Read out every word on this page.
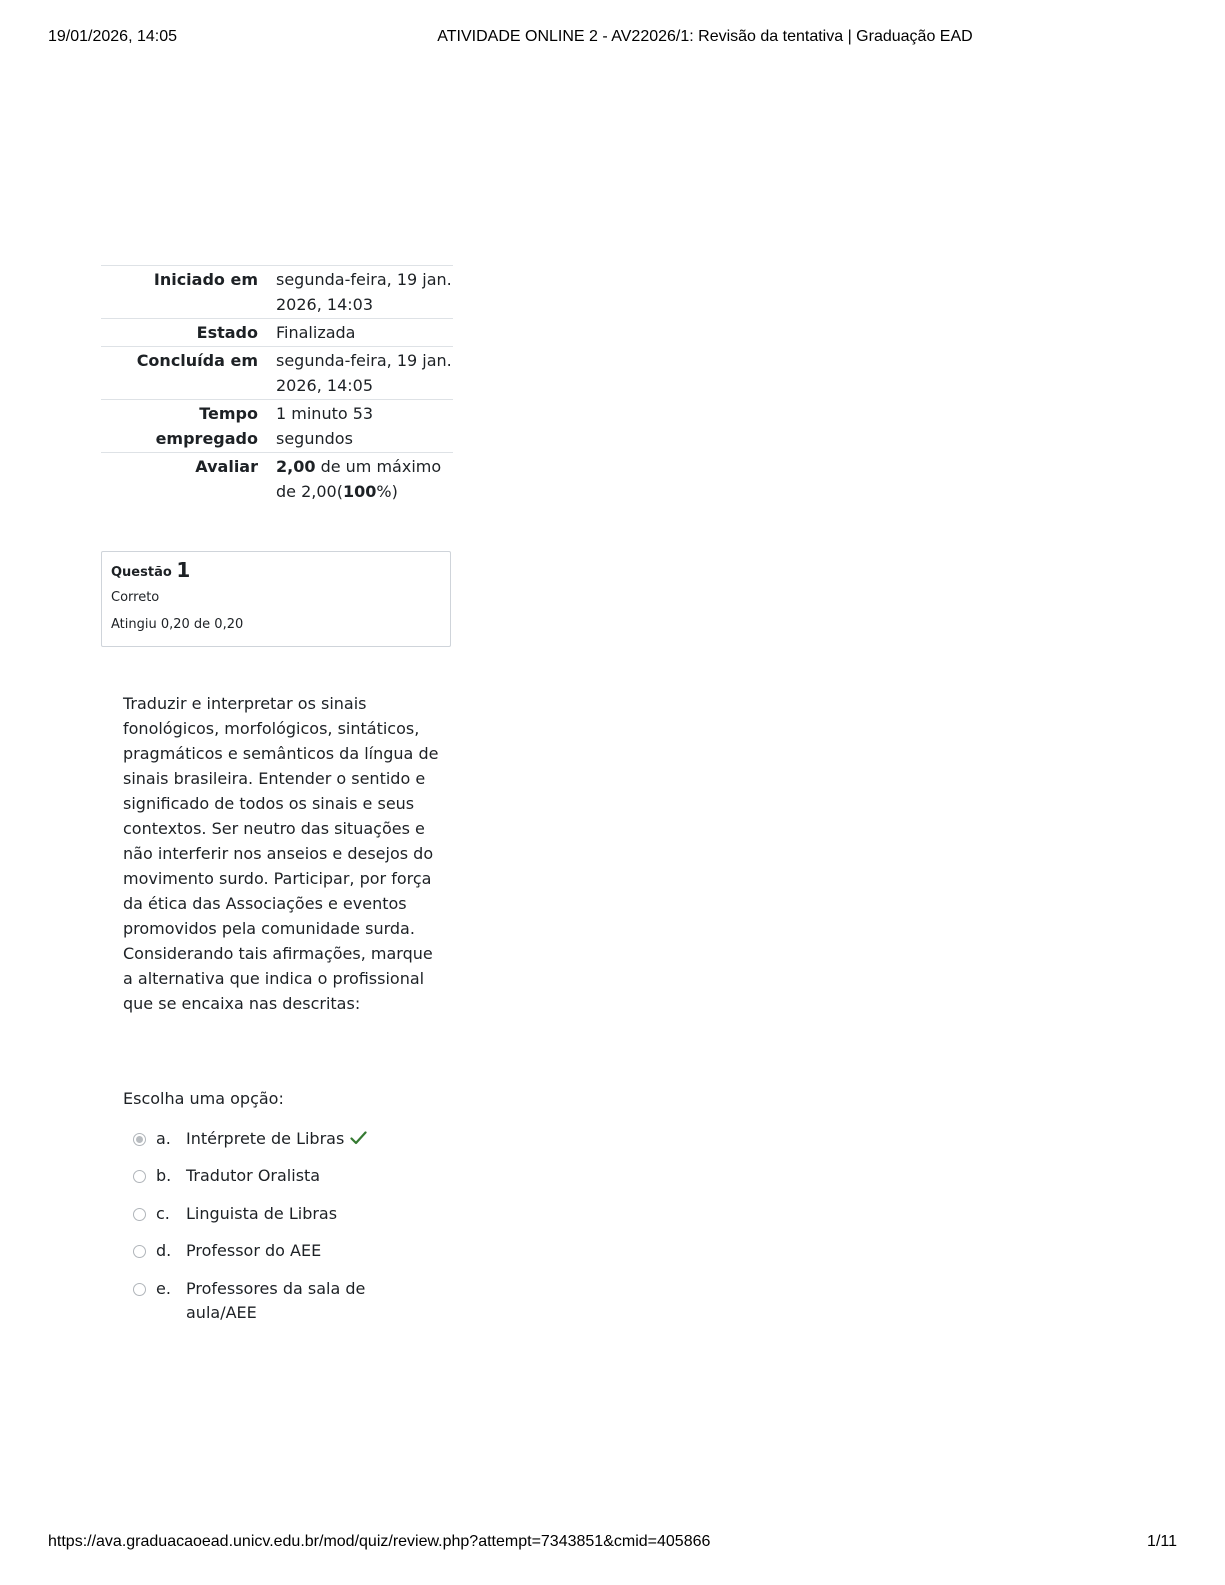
19/01/2026, 14:05	ATIVIDADE ONLINE 2 - AV22026/1: Revisão da tentativa | Graduação EAD
Iniciado em	segunda-feira, 19 jan. 2026, 14:03
Estado	Finalizada
Concluída em	segunda-feira, 19 jan. 2026, 14:05
Tempo empregado	1 minuto 53 segundos
Avaliar	2,00 de um máximo de 2,00(100%)
Questão 1
Correto
Atingiu 0,20 de 0,20
Traduzir e interpretar os sinais fonológicos, morfológicos, sintáticos, pragmáticos e semânticos da língua de sinais brasileira. Entender o sentido e significado de todos os sinais e seus contextos. Ser neutro das situações e não interferir nos anseios e desejos do movimento surdo. Participar, por força da ética das Associações e eventos promovidos pela comunidade surda. Considerando tais afirmações, marque a alternativa que indica o profissional que se encaixa nas descritas:
Escolha uma opção:
a. Intérprete de Libras
b. Tradutor Oralista
c. Linguista de Libras
d. Professor do AEE
e. Professores da sala de aula/AEE
https://ava.graduacaoead.unicv.edu.br/mod/quiz/review.php?attempt=7343851&cmid=405866	1/11
